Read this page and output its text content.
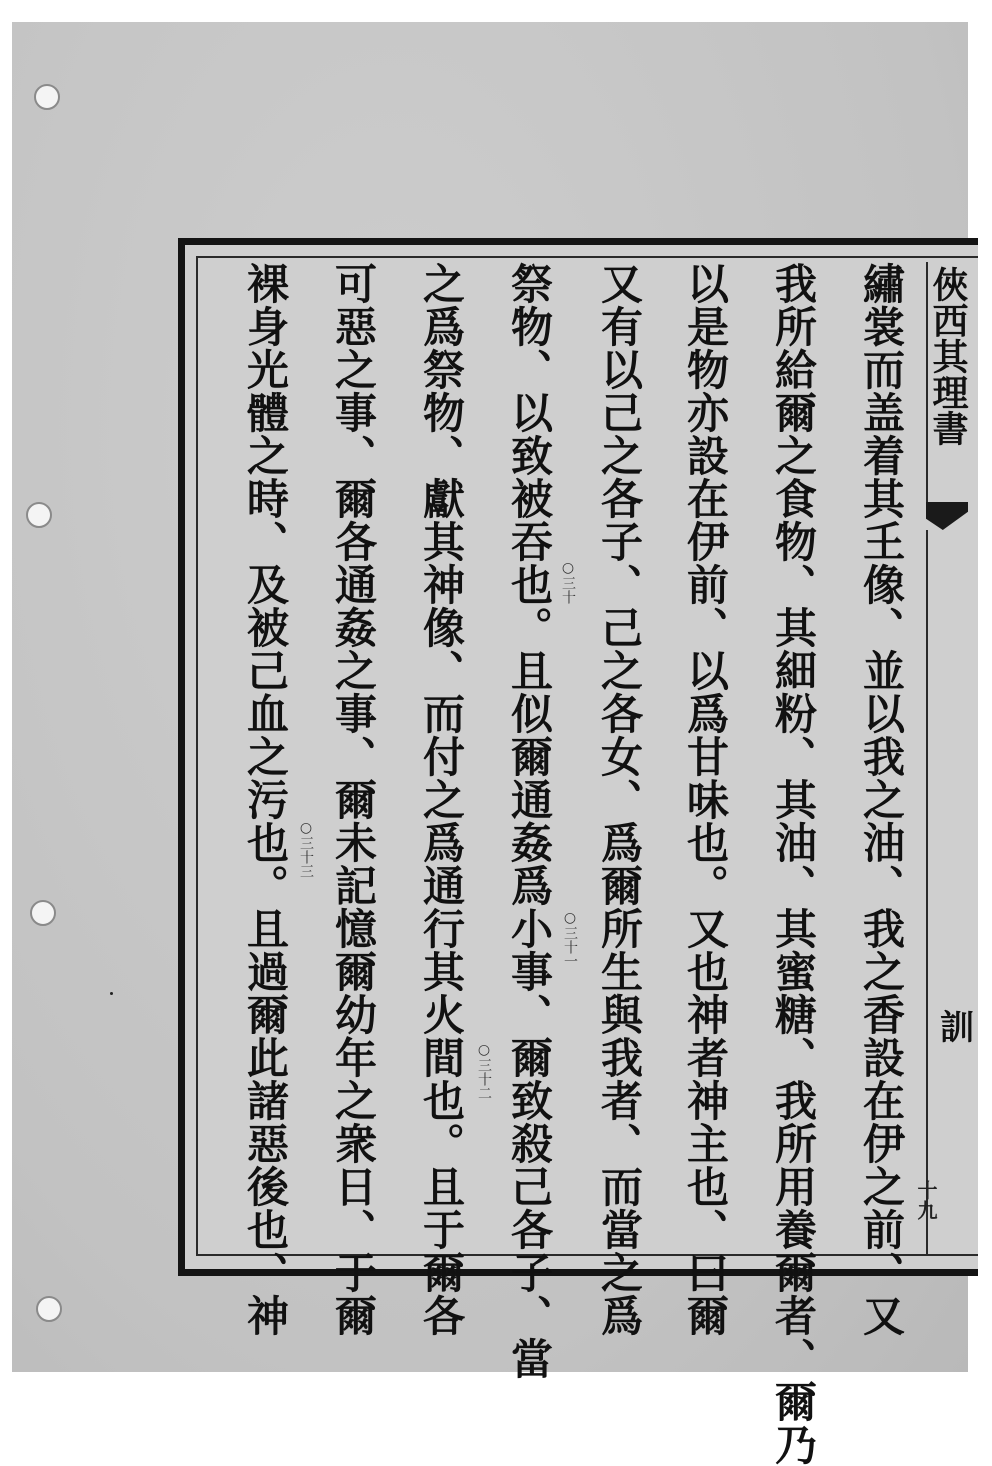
俠西其理書
訓
十九
繡裳而盖着其𡈼像、並以我之油、我之香設在伊之前、又
我所給爾之食物、其細粉、其油、其蜜糖、我所用養爾者、爾乃
以是物亦設在伊前、以爲甘味也。又也神者神主也、曰爾
又有以己之各子、己之各女、爲爾所生與我者、而當之爲
祭物、以致被吞也。且似爾通姦爲小事、爾致殺己各子、當
之爲祭物、獻其神像、而付之爲通行其火間也。且于爾各
可惡之事、爾各通姦之事、爾未記憶爾幼年之衆日、于爾
裸身光體之時、及被己血之污也。且過爾此諸惡後也、神	○三十
○三十一
○三十二
○三十三
